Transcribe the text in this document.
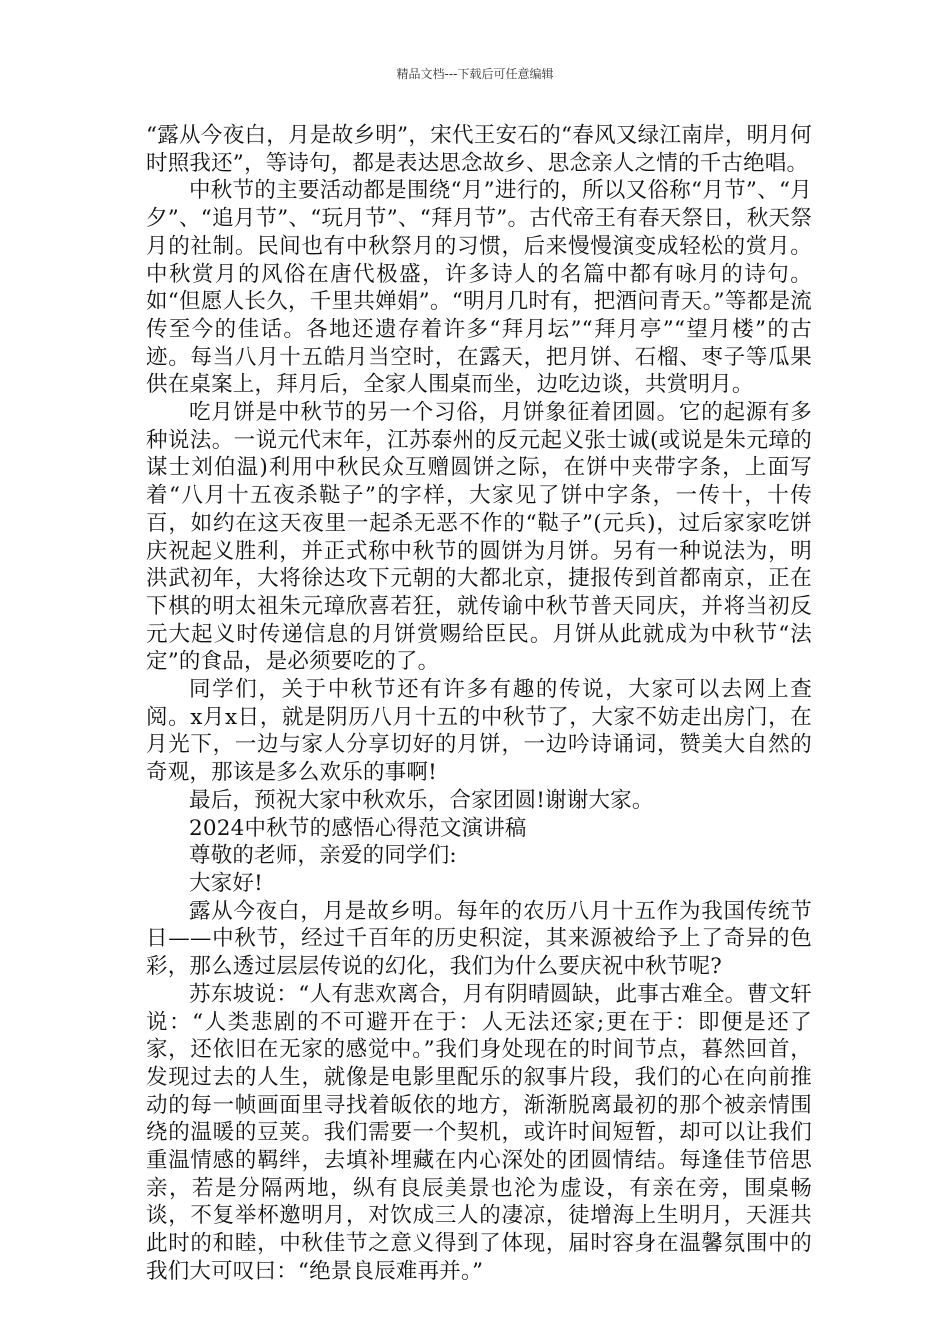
精品文档---下载后可任意编辑

“露从今夜白，月是故乡明”，宋代王安石的“春风又绿江南岸，明月何时照我还”，等诗句，都是表达思念故乡、思念亲人之情的千古绝唱。

中秋节的主要活动都是围绕“月”进行的，所以又俗称“月节”、“月夕”、“追月节”、“玩月节”、“拜月节”。古代帝王有春天祭日，秋天祭月的社制。民间也有中秋祭月的习惯，后来慢慢演变成轻松的赏月。中秋赏月的风俗在唐代极盛，许多诗人的名篇中都有咏月的诗句。如“但愿人长久，千里共婵娟”。“明月几时有，把酒问青天。”等都是流传至今的佳话。各地还遗存着许多“拜月坛”“拜月亭”“望月楼”的古迹。每当八月十五皓月当空时，在露天，把月饼、石榴、枣子等瓜果供在桌案上，拜月后，全家人围桌而坐，边吃边谈，共赏明月。

吃月饼是中秋节的另一个习俗，月饼象征着团圆。它的起源有多种说法。一说元代末年，江苏泰州的反元起义张士诚(或说是朱元璋的谋士刘伯温)利用中秋民众互赠圆饼之际，在饼中夹带字条，上面写着“八月十五夜杀鞑子”的字样，大家见了饼中字条，一传十，十传百，如约在这天夜里一起杀无恶不作的“鞑子”(元兵)，过后家家吃饼庆祝起义胜利，并正式称中秋节的圆饼为月饼。另有一种说法为，明洪武初年，大将徐达攻下元朝的大都北京，捷报传到首都南京，正在下棋的明太祖朱元璋欣喜若狂，就传谕中秋节普天同庆，并将当初反元大起义时传递信息的月饼赏赐给臣民。月饼从此就成为中秋节“法定”的食品，是必须要吃的了。

同学们，关于中秋节还有许多有趣的传说，大家可以去网上查阅。x月x日，就是阴历八月十五的中秋节了，大家不妨走出房门，在月光下，一边与家人分享切好的月饼，一边吟诗诵词，赞美大自然的奇观，那该是多么欢乐的事啊!

最后，预祝大家中秋欢乐，合家团圆!谢谢大家。

2024中秋节的感悟心得范文演讲稿

尊敬的老师，亲爱的同学们:

大家好!

露从今夜白，月是故乡明。每年的农历八月十五作为我国传统节日——中秋节，经过千百年的历史积淀，其来源被给予上了奇异的色彩，那么透过层层传说的幻化，我们为什么要庆祝中秋节呢?

苏东坡说：“人有悲欢离合，月有阴晴圆缺，此事古难全。曹文轩说：“人类悲剧的不可避开在于：人无法还家;更在于：即便是还了家，还依旧在无家的感觉中。”我们身处现在的时间节点，暮然回首，发现过去的人生，就像是电影里配乐的叙事片段，我们的心在向前推动的每一帧画面里寻找着皈依的地方，渐渐脱离最初的那个被亲情围绕的温暖的豆荚。我们需要一个契机，或许时间短暂，却可以让我们重温情感的羁绊，去填补埋藏在内心深处的团圆情结。每逢佳节倍思亲，若是分隔两地，纵有良辰美景也沦为虚设，有亲在旁，围桌畅谈，不复举杯邀明月，对饮成三人的凄凉，徒增海上生明月，天涯共此时的和睦，中秋佳节之意义得到了体现，届时容身在温馨氛围中的我们大可叹曰：“绝景良辰难再并。”
